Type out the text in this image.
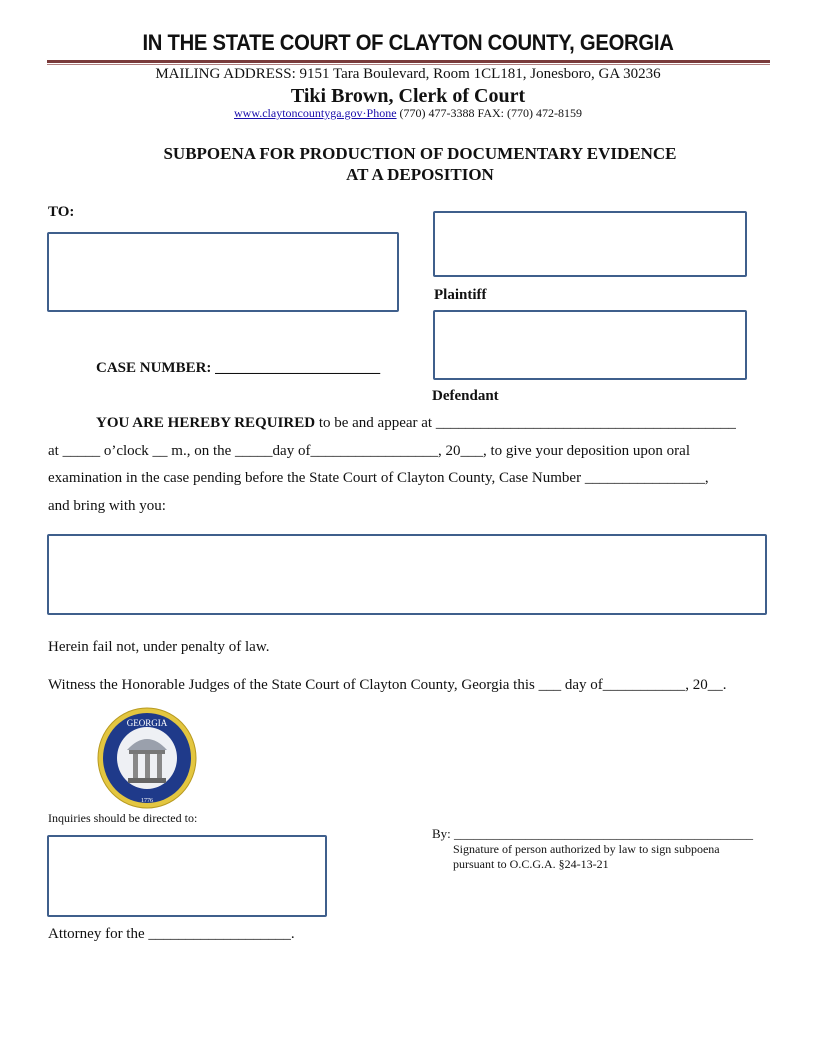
IN THE STATE COURT OF CLAYTON COUNTY, GEORGIA
MAILING ADDRESS: 9151 Tara Boulevard, Room 1CL181, Jonesboro, GA 30236
Tiki Brown, Clerk of Court
www.claytoncountyga.gov·Phone (770) 477-3388 FAX: (770) 472-8159
SUBPOENA FOR PRODUCTION OF DOCUMENTARY EVIDENCE
AT A DEPOSITION
TO:
Plaintiff
Defendant
CASE NUMBER: ______________________
YOU ARE HEREBY REQUIRED to be and appear at ________________________________________
at _____ o’clock __ m., on the _____day of_________________, 20___, to give your deposition upon oral
examination in the case pending before the State Court of Clayton County, Case Number ________________,
and bring with you:
Herein fail not, under penalty of law.
Witness the Honorable Judges of the State Court of Clayton County, Georgia this ___ day of___________, 20__.
GEORGIA
1776
Inquiries should be directed to:
Attorney for the ___________________.
By: ______________________________________________
Signature of person authorized by law to sign subpoena
pursuant to O.C.G.A. §24-13-21
